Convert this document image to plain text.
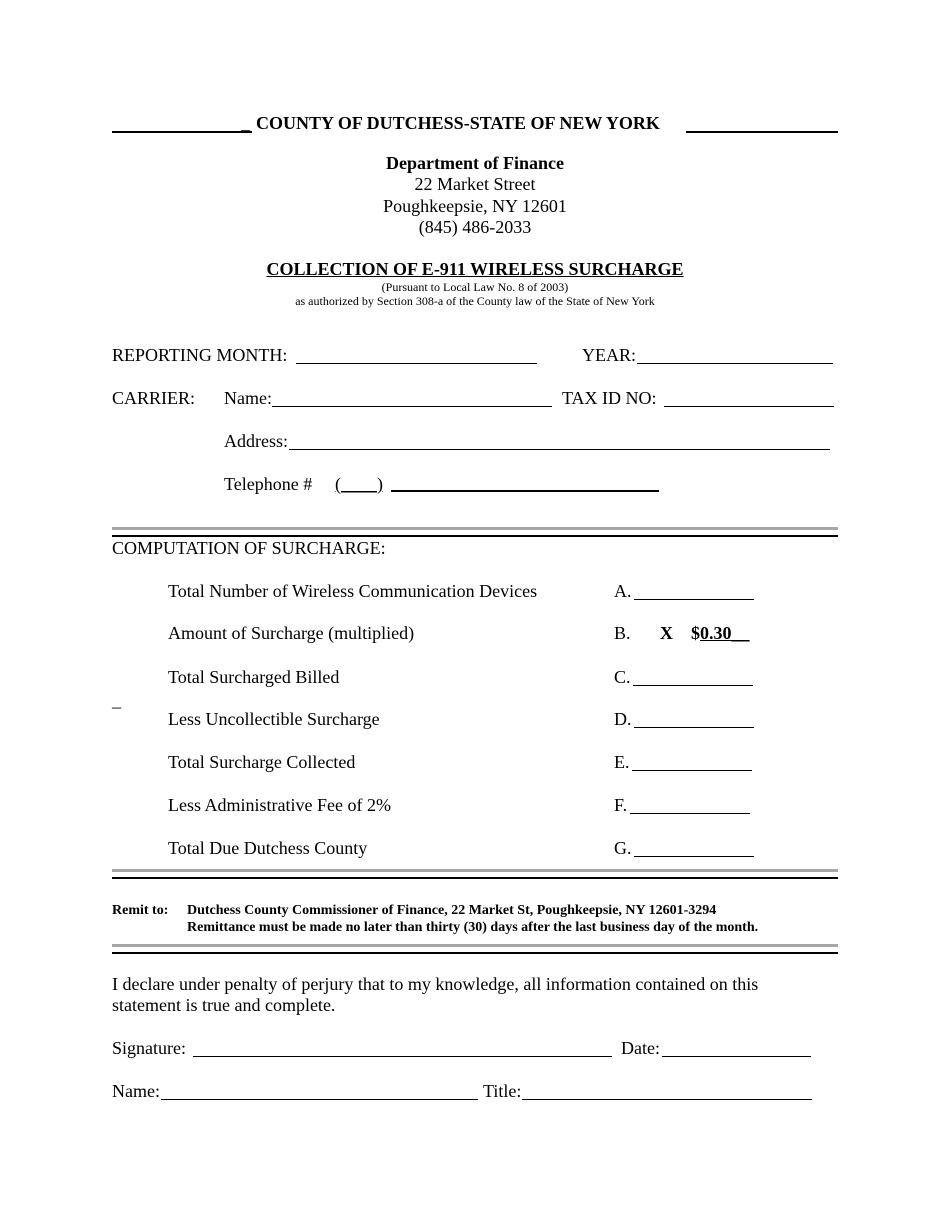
_ COUNTY OF DUTCHESS-STATE OF NEW YORK
Department of Finance
22 Market Street
Poughkeepsie, NY 12601
(845) 486-2033
COLLECTION OF E-911 WIRELESS SURCHARGE
(Pursuant to Local Law No. 8 of 2003)
as authorized by Section 308-a of the County law of the State of New York
REPORTING MONTH:	YEAR:
CARRIER: Name:	TAX ID NO:
Address:
Telephone # (____)
COMPUTATION OF SURCHARGE:
_
Total Number of Wireless Communication Devices	A.
Amount of Surcharge (multiplied)	B. X $0.30__
Total Surcharged Billed	C.
Less Uncollectible Surcharge	D.
Total Surcharge Collected	E.
Less Administrative Fee of 2%	F.
Total Due Dutchess County	G.
Remit to: Dutchess County Commissioner of Finance, 22 Market St, Poughkeepsie, NY 12601-3294
Remittance must be made no later than thirty (30) days after the last business day of the month.
I declare under penalty of perjury that to my knowledge, all information contained on this
statement is true and complete.
Signature:	Date:
Name:	Title:
